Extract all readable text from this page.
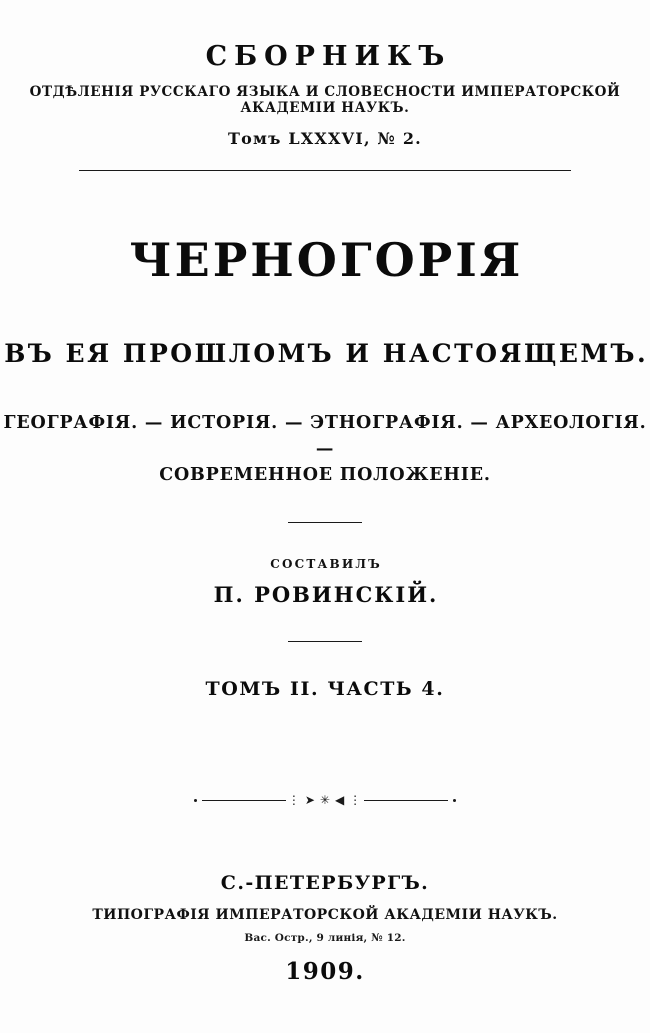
СБОРНИКЪ
ОТДѢЛЕНІЯ РУССКАГО ЯЗЫКА И СЛОВЕСНОСТИ ИМПЕРАТОРСКОЙ АКАДЕМІИ НАУКЪ.
Томъ LXXXVI, № 2.
ЧЕРНОГОРІЯ
ВЪ ЕЯ ПРОШЛОМЪ И НАСТОЯЩЕМЪ.
ГЕОГРАФІЯ. — ИСТОРІЯ. — ЭТНОГРАФІЯ. — АРХЕОЛОГІЯ. —
СОВРЕМЕННОЕ ПОЛОЖЕНІЕ.
СОСТАВИЛЪ
П. РОВИНСКІЙ.
ТОМЪ II. ЧАСТЬ 4.
⋮ ➤ ✳ ◀ ⋮
С.-ПЕТЕРБУРГЪ.
ТИПОГРАФІЯ ИМПЕРАТОРСКОЙ АКАДЕМІИ НАУКЪ.
Вас. Остр., 9 линія, № 12.
1909.
